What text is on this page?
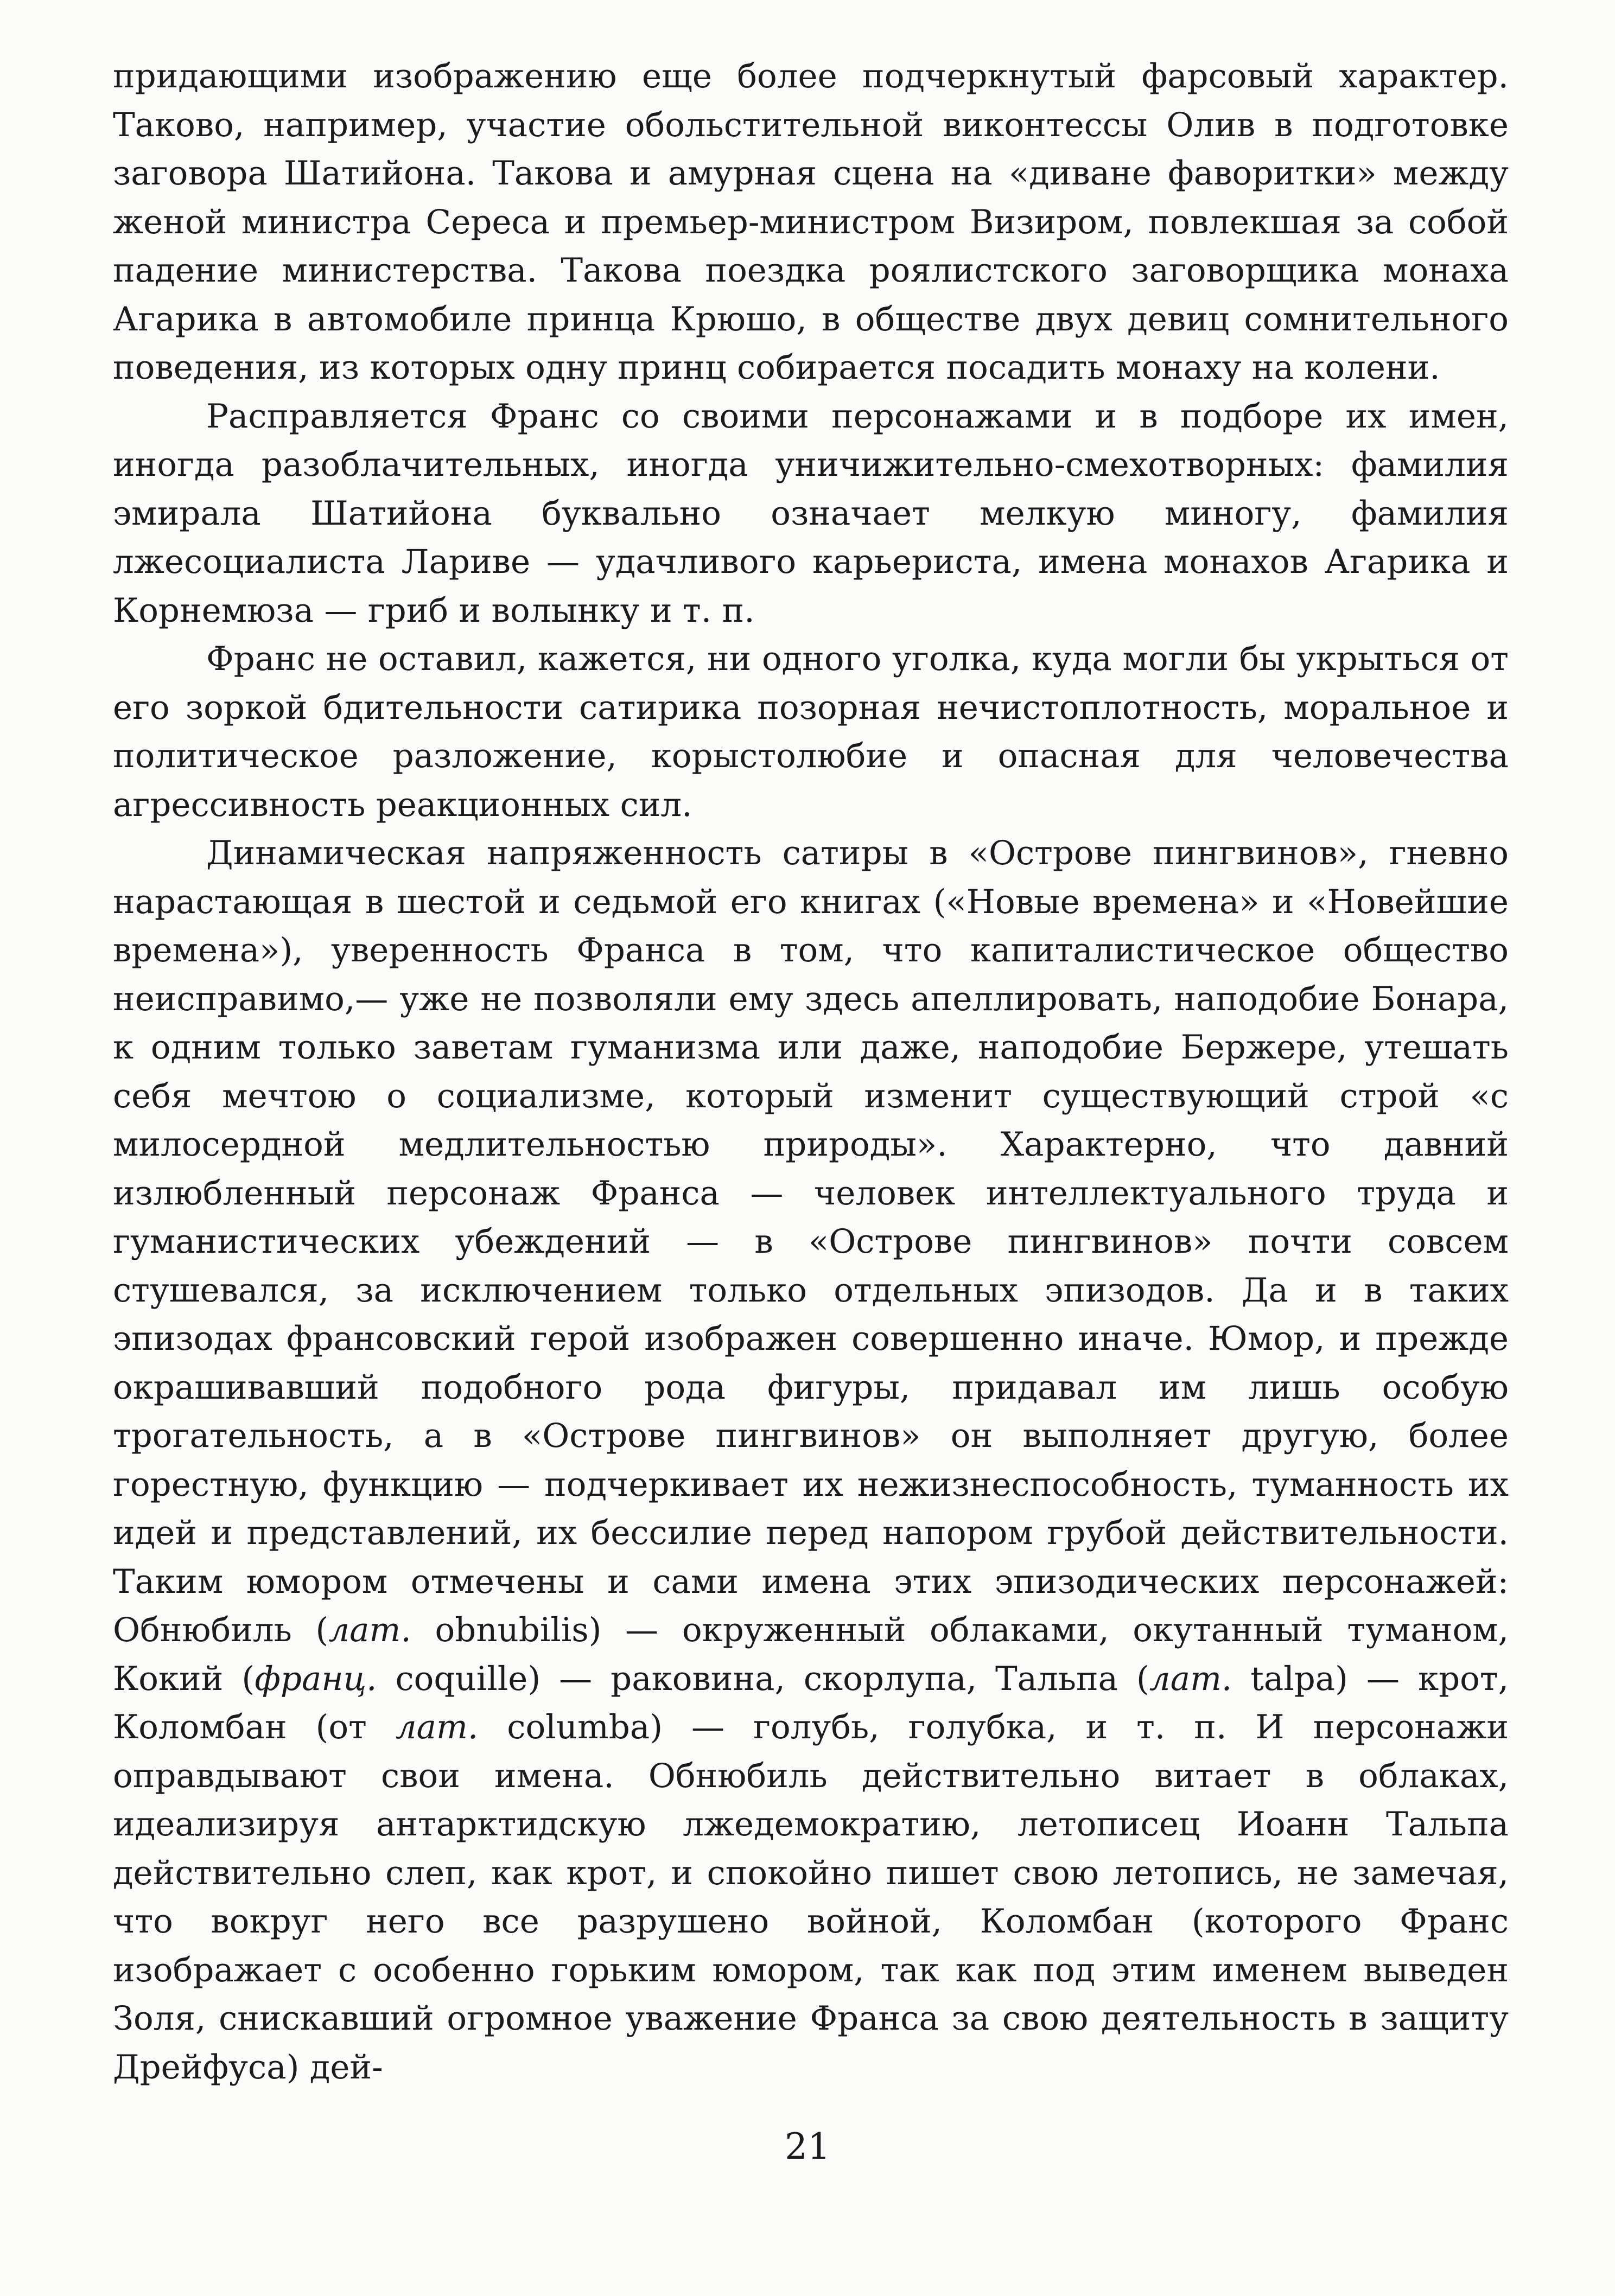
придающими изображению еще более подчеркнутый фарсовый характер. Таково, например, участие обольстительной виконтессы Олив в подготовке заговора Шатийона. Такова и амурная сцена на «диване фаворитки» между женой министра Сереса и премьер-министром Визиром, повлекшая за собой падение министерства. Такова поездка роялистского заговорщика монаха Агарика в автомобиле принца Крюшо, в обществе двух девиц сомнительного поведения, из которых одну принц собирается посадить монаху на колени.

Расправляется Франс со своими персонажами и в подборе их имен, иногда разоблачительных, иногда уничижительно-смехотворных: фамилия эмирала Шатийона буквально означает мелкую миногу, фамилия лжесоциалиста Лариве — удачливого карьериста, имена монахов Агарика и Корнемюза — гриб и волынку и т. п.

Франс не оставил, кажется, ни одного уголка, куда могли бы укрыться от его зоркой бдительности сатирика позорная нечистоплотность, моральное и политическое разложение, корыстолюбие и опасная для человечества агрессивность реакционных сил.

Динамическая напряженность сатиры в «Острове пингвинов», гневно нарастающая в шестой и седьмой его книгах («Новые времена» и «Новейшие времена»), уверенность Франса в том, что капиталистическое общество неисправимо,— уже не позволяли ему здесь апеллировать, наподобие Бонара, к одним только заветам гуманизма или даже, наподобие Бержере, утешать себя мечтою о социализме, который изменит существующий строй «с милосердной медлительностью природы». Характерно, что давний излюбленный персонаж Франса — человек интеллектуального труда и гуманистических убеждений — в «Острове пингвинов» почти совсем стушевался, за исключением только отдельных эпизодов. Да и в таких эпизодах франсовский герой изображен совершенно иначе. Юмор, и прежде окрашивавший подобного рода фигуры, придавал им лишь особую трогательность, а в «Острове пингвинов» он выполняет другую, более горестную, функцию — подчеркивает их нежизнеспособность, туманность их идей и представлений, их бессилие перед напором грубой действительности. Таким юмором отмечены и сами имена этих эпизодических персонажей: Обнюбиль (лат. obnubilis) — окруженный облаками, окутанный туманом, Кокий (франц. coquille) — раковина, скорлупа, Тальпа (лат. talpa) — крот, Коломбан (от лат. columba) — голубь, голубка, и т. п. И персонажи оправдывают свои имена. Обнюбиль действительно витает в облаках, идеализируя антарктидскую лжедемократию, летописец Иоанн Тальпа действительно слеп, как крот, и спокойно пишет свою летопись, не замечая, что вокруг него все разрушено войной, Коломбан (которого Франс изображает с особенно горьким юмором, так как под этим именем выведен Золя, снискавший огромное уважение Франса за свою деятельность в защиту Дрейфуса) дей-

21
